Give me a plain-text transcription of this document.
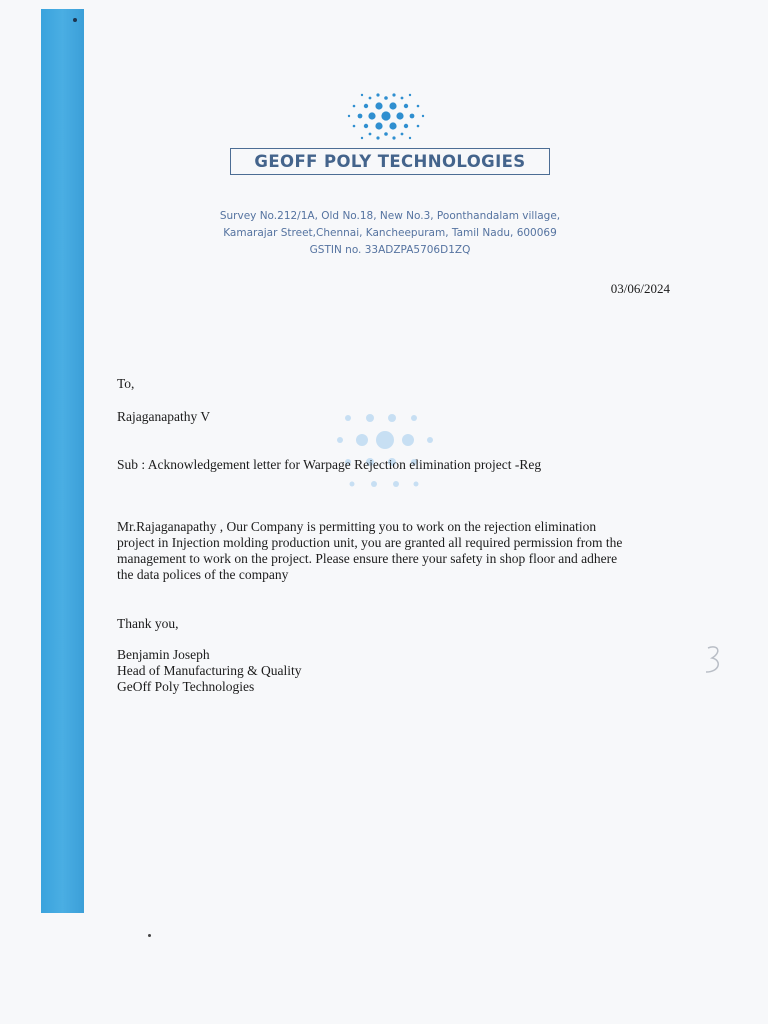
GEOFF POLY TECHNOLOGIES
Survey No.212/1A, Old No.18, New No.3, Poonthandalam village,
Kamarajar Street,Chennai, Kancheepuram, Tamil Nadu, 600069
GSTIN no. 33ADZPA5706D1ZQ
03/06/2024
To,
Rajaganapathy V
Sub : Acknowledgement letter for Warpage Rejection elimination project -Reg
Mr.Rajaganapathy , Our Company is permitting you to work on the rejection elimination
project in Injection molding production unit, you are granted all required permission from the
management to work on the project. Please ensure there your safety in shop floor and adhere
the data polices of the company
Thank you,
Benjamin Joseph
Head of Manufacturing & Quality
GeOff Poly Technologies
